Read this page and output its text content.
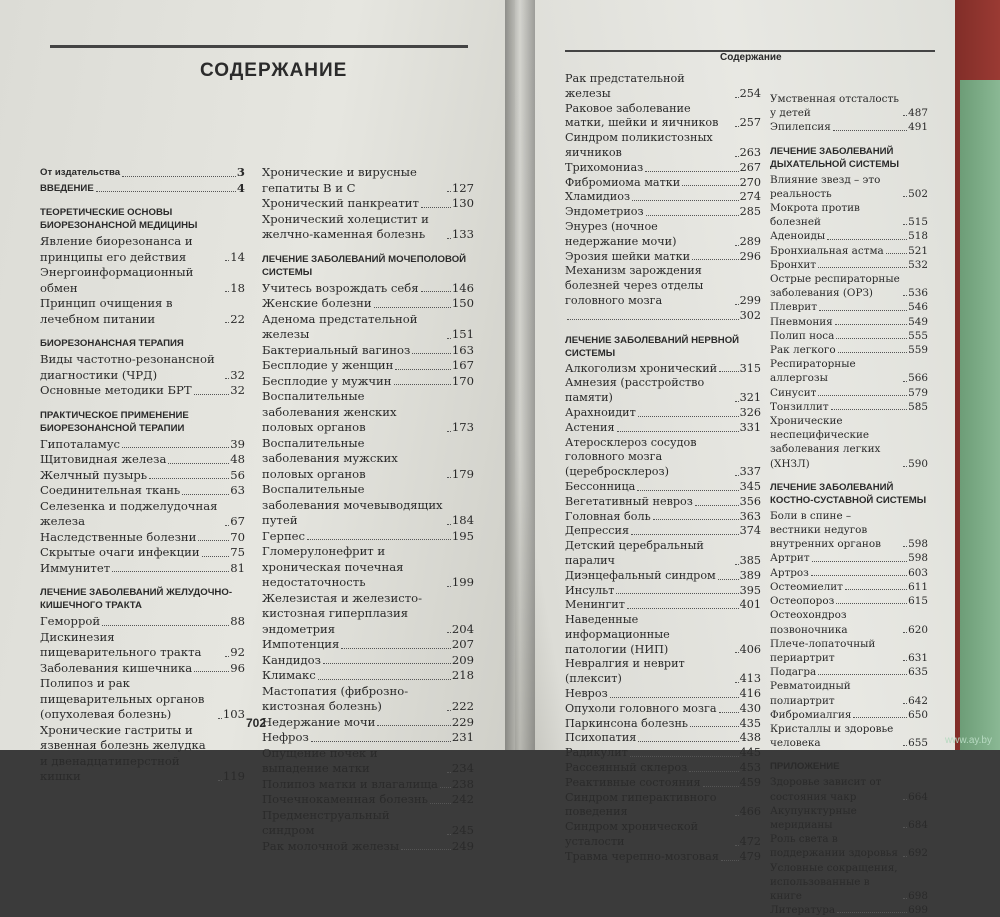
СОДЕРЖАНИЕ
От издательства	3
ВВЕДЕНИЕ	4
ТЕОРЕТИЧЕСКИЕ ОСНОВЫ БИОРЕЗОНАНСНОЙ МЕДИЦИНЫ
Явление биорезонанса и принципы его действия	14
Энергоинформационный обмен	18
Принцип очищения в лечебном питании	22
БИОРЕЗОНАНСНАЯ ТЕРАПИЯ
Виды частотно-резонансной диагностики (ЧРД)	32
Основные методики БРТ	32
ПРАКТИЧЕСКОЕ ПРИМЕНЕНИЕ БИОРЕЗОНАНСНОЙ ТЕРАПИИ
Гипоталамус	39
Щитовидная железа	48
Желчный пузырь	56
Соединительная ткань	63
Селезенка и поджелудочная железа	67
Наследственные болезни	70
Скрытые очаги инфекции	75
Иммунитет	81
ЛЕЧЕНИЕ ЗАБОЛЕВАНИЙ ЖЕЛУДОЧНО-КИШЕЧНОГО ТРАКТА
Геморрой	88
Дискинезия пищеварительного тракта	92
Заболевания кишечника	96
Полипоз и рак пищеварительных органов (опухолевая болезнь)	103
Хронические гастриты и язвенная болезнь желудка и двенадцатиперстной кишки	119
Хронические и вирусные гепатиты В и С	127
Хронический панкреатит	130
Хронический холецистит и желчно-каменная болезнь	133
ЛЕЧЕНИЕ ЗАБОЛЕВАНИЙ МОЧЕПОЛОВОЙ СИСТЕМЫ
Учитесь возрождать себя	146
Женские болезни	150
Аденома предстательной железы	151
Бактериальный вагиноз	163
Бесплодие у женщин	167
Бесплодие у мужчин	170
Воспалительные заболевания женских половых органов	173
Воспалительные заболевания мужских половых органов	179
Воспалительные заболевания мочевыводящих путей	184
Герпес	195
Гломерулонефрит и хроническая почечная недостаточность	199
Железистая и железисто-кистозная гиперплазия эндометрия	204
Импотенция	207
Кандидоз	209
Климакс	218
Мастопатия (фиброзно-кистозная болезнь)	222
Недержание мочи	229
Нефроз	231
Опущение почек и выпадение матки	234
Полипоз матки и влагалища 238
Почечнокаменная болезнь 242
Предменструальный синдром	245
Рак молочной железы	249
702
Содержание
Рак предстательной железы	254
Раковое заболевание матки, шейки и яичников	257
Синдром поликистозных яичников	263
Трихомониаз	267
Фибромиома матки	270
Хламидиоз	274
Эндометриоз	285
Энурез (ночное недержание мочи)	289
Эрозия шейки матки	296
Механизм зарождения болезней через отделы головного мозга	299
302
ЛЕЧЕНИЕ ЗАБОЛЕВАНИЙ НЕРВНОЙ СИСТЕМЫ
Алкоголизм хронический 315
Амнезия (расстройство памяти)	321
Арахноидит	326
Астения	331
Атеросклероз сосудов головного мозга (церебросклероз)	337
Бессонница	345
Вегетативный невроз	356
Головная боль	363
Депрессия	374
Детский церебральный паралич	385
Диэнцефальный синдром 389
Инсульт	395
Менингит	401
Наведенные информационные патологии (НИП)	406
Невралгия и неврит (плексит)	413
Невроз	416
Опухоли головного мозга 430
Паркинсона болезнь	435
Психопатия	438
Радикулит	445
Рассеянный склероз	453
Реактивные состояния	459
Синдром гиперактивного поведения	466
Синдром хронической усталости	472
Травма черепно-мозговая 479
Умственная отсталость у детей	487
Эпилепсия	491
ЛЕЧЕНИЕ ЗАБОЛЕВАНИЙ ДЫХАТЕЛЬНОЙ СИСТЕМЫ
Влияние звезд – это реальность	502
Мокрота против болезней	515
Аденоиды	518
Бронхиальная астма 521
Бронхит	532
Острые респираторные заболевания (ОРЗ)	536
Плеврит	546
Пневмония	549
Полип носа	555
Рак легкого	559
Респираторные аллергозы	566
Синусит	579
Тонзиллит	585
Хронические неспецифические заболевания легких (ХНЗЛ)	590
ЛЕЧЕНИЕ ЗАБОЛЕВАНИЙ КОСТНО-СУСТАВНОЙ СИСТЕМЫ
Боли в спине – вестники недугов внутренних органов	598
Артрит	598
Артроз	603
Остеомиелит	611
Остеопороз	615
Остеохондроз позвоночника	620
Плече-лопаточный периартрит	631
Подагра	635
Ревматоидный полиартрит	642
Фибромиалгия	650
Кристаллы и здоровье человека	655
ПРИЛОЖЕНИЕ
Здоровье зависит от состояния чакр	664
Акупунктурные меридианы	684
Роль света в поддержании здоровья 692
Условные сокращения, использованные в книге	698
Литература	699
www.ay.by
